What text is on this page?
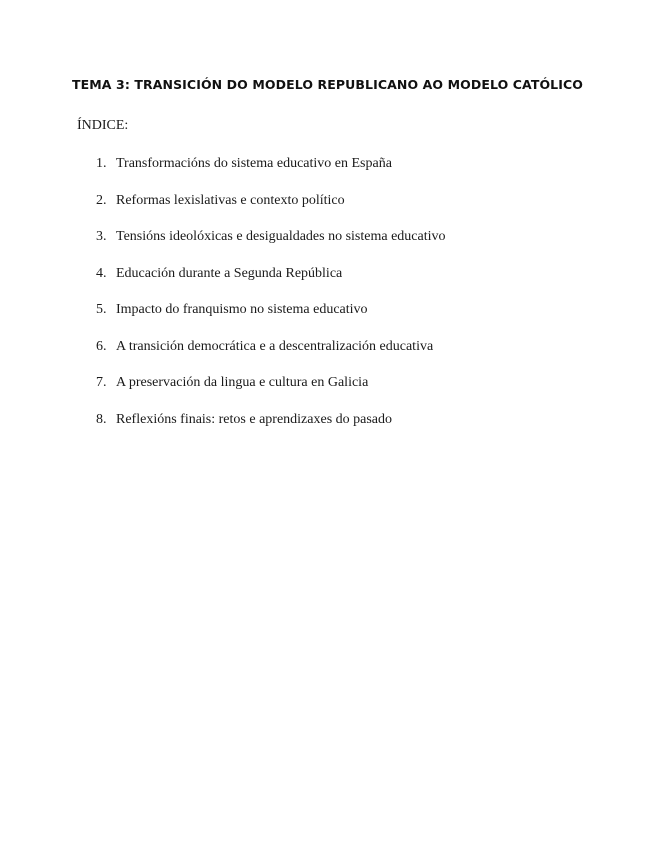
TEMA 3: TRANSICIÓN DO MODELO REPUBLICANO AO MODELO CATÓLICO
ÍNDICE:
1. Transformacións do sistema educativo en España
2. Reformas lexislativas e contexto político
3. Tensións ideolóxicas e desigualdades no sistema educativo
4. Educación durante a Segunda República
5. Impacto do franquismo no sistema educativo
6. A transición democrática e a descentralización educativa
7. A preservación da lingua e cultura en Galicia
8. Reflexións finais: retos e aprendizaxes do pasado
